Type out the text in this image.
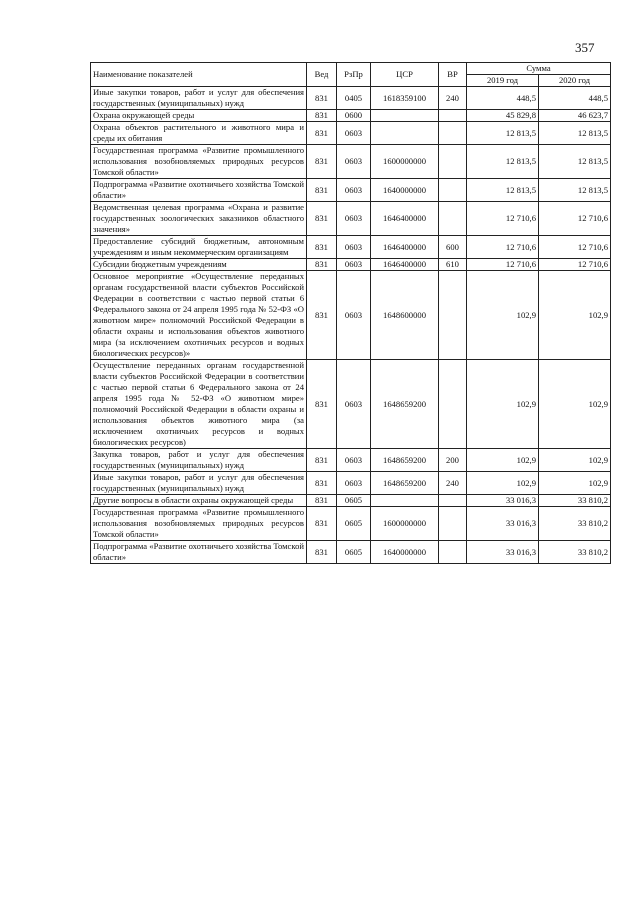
357
Наименование показателей	Вед	РзПр	ЦСР	ВР	Сумма	
					2019 год	2020 год
Иные закупки товаров, работ и услуг для обеспечения государственных (муниципальных) нужд	831	0405	1618359100	240	448,5	448,5
Охрана окружающей среды	831	0600			45 829,8	46 623,7
Охрана объектов растительного и животного мира и среды их обитания	831	0603			12 813,5	12 813,5
Государственная программа «Развитие промышленного использования возобновляемых природных ресурсов Томской области»	831	0603	1600000000		12 813,5	12 813,5
Подпрограмма «Развитие охотничьего хозяйства Томской области»	831	0603	1640000000		12 813,5	12 813,5
Ведомственная целевая программа «Охрана и развитие государственных зоологических заказников областного значения»	831	0603	1646400000		12 710,6	12 710,6
Предоставление субсидий бюджетным, автономным учреждениям и иным некоммерческим организациям	831	0603	1646400000	600	12 710,6	12 710,6
Субсидии бюджетным учреждениям	831	0603	1646400000	610	12 710,6	12 710,6
Основное мероприятие «Осуществление переданных органам государственной власти субъектов Российской Федерации в соответствии с частью первой статьи 6 Федерального закона от 24 апреля 1995 года № 52-ФЗ «О животном мире» полномочий Российской Федерации в области охраны и использования объектов животного мира (за исключением охотничьих ресурсов и водных биологических ресурсов)»	831	0603	1648600000		102,9	102,9
Осуществление переданных органам государственной власти субъектов Российской Федерации в соответствии с частью первой статьи 6 Федерального закона от 24 апреля 1995 года № 52-ФЗ «О животном мире» полномочий Российской Федерации в области охраны и использования объектов животного мира (за исключением охотничьих ресурсов и водных биологических ресурсов)	831	0603	1648659200		102,9	102,9
Закупка товаров, работ и услуг для обеспечения государственных (муниципальных) нужд	831	0603	1648659200	200	102,9	102,9
Иные закупки товаров, работ и услуг для обеспечения государственных (муниципальных) нужд	831	0603	1648659200	240	102,9	102,9
Другие вопросы в области охраны окружающей среды	831	0605			33 016,3	33 810,2
Государственная программа «Развитие промышленного использования возобновляемых природных ресурсов Томской области»	831	0605	1600000000		33 016,3	33 810,2
Подпрограмма «Развитие охотничьего хозяйства Томской области»	831	0605	1640000000		33 016,3	33 810,2
